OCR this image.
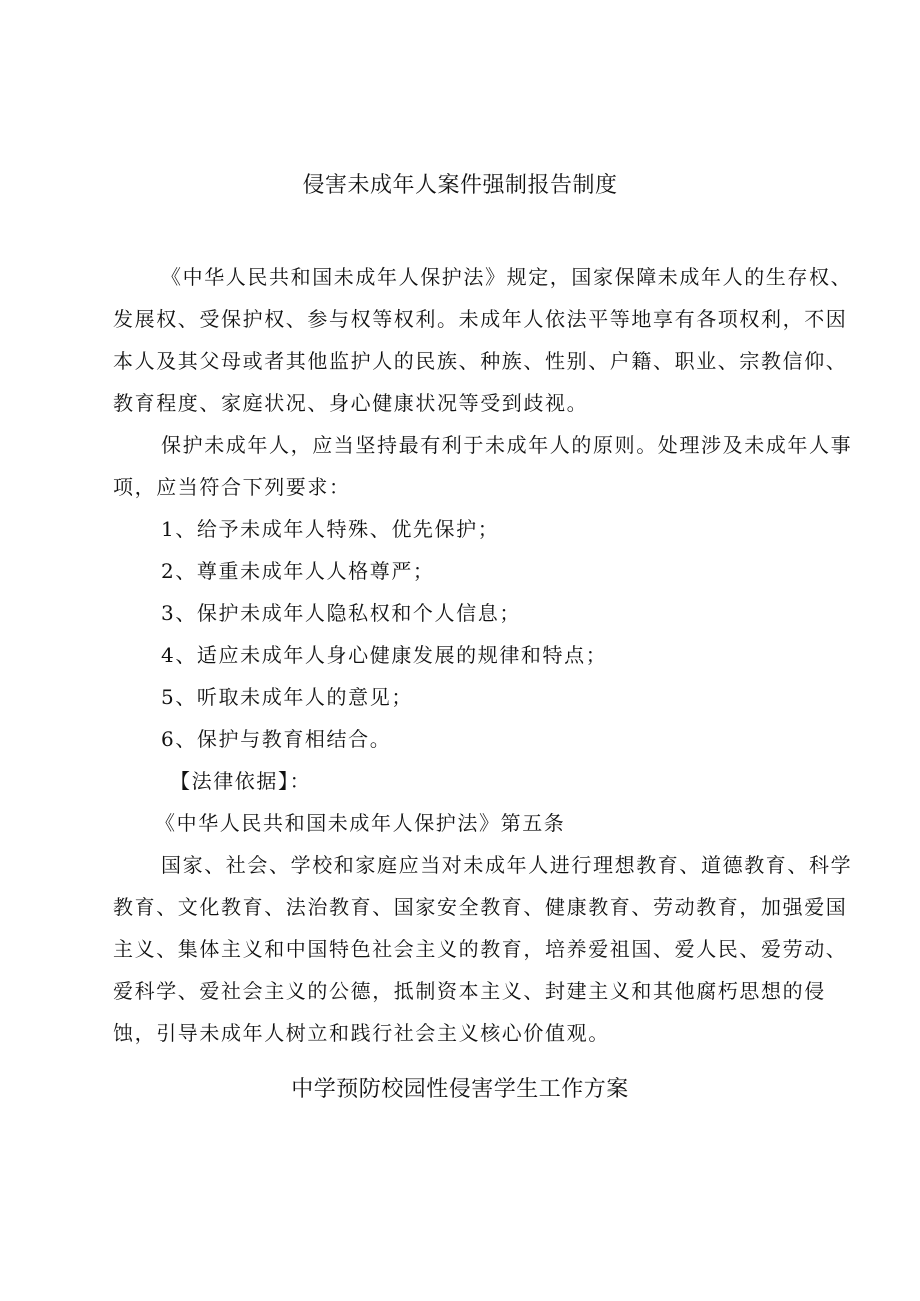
侵害未成年人案件强制报告制度

《中华人民共和国未成年人保护法》规定，国家保障未成年人的生存权、发展权、受保护权、参与权等权利。未成年人依法平等地享有各项权利，不因本人及其父母或者其他监护人的民族、种族、性别、户籍、职业、宗教信仰、教育程度、家庭状况、身心健康状况等受到歧视。

保护未成年人，应当坚持最有利于未成年人的原则。处理涉及未成年人事项，应当符合下列要求：

1、给予未成年人特殊、优先保护；

2、尊重未成年人人格尊严；

3、保护未成年人隐私权和个人信息；

4、适应未成年人身心健康发展的规律和特点；

5、听取未成年人的意见；

6、保护与教育相结合。

【法律依据】：

《中华人民共和国未成年人保护法》第五条

国家、社会、学校和家庭应当对未成年人进行理想教育、道德教育、科学教育、文化教育、法治教育、国家安全教育、健康教育、劳动教育，加强爱国主义、集体主义和中国特色社会主义的教育，培养爱祖国、爱人民、爱劳动、爱科学、爱社会主义的公德，抵制资本主义、封建主义和其他腐朽思想的侵蚀，引导未成年人树立和践行社会主义核心价值观。

中学预防校园性侵害学生工作方案
